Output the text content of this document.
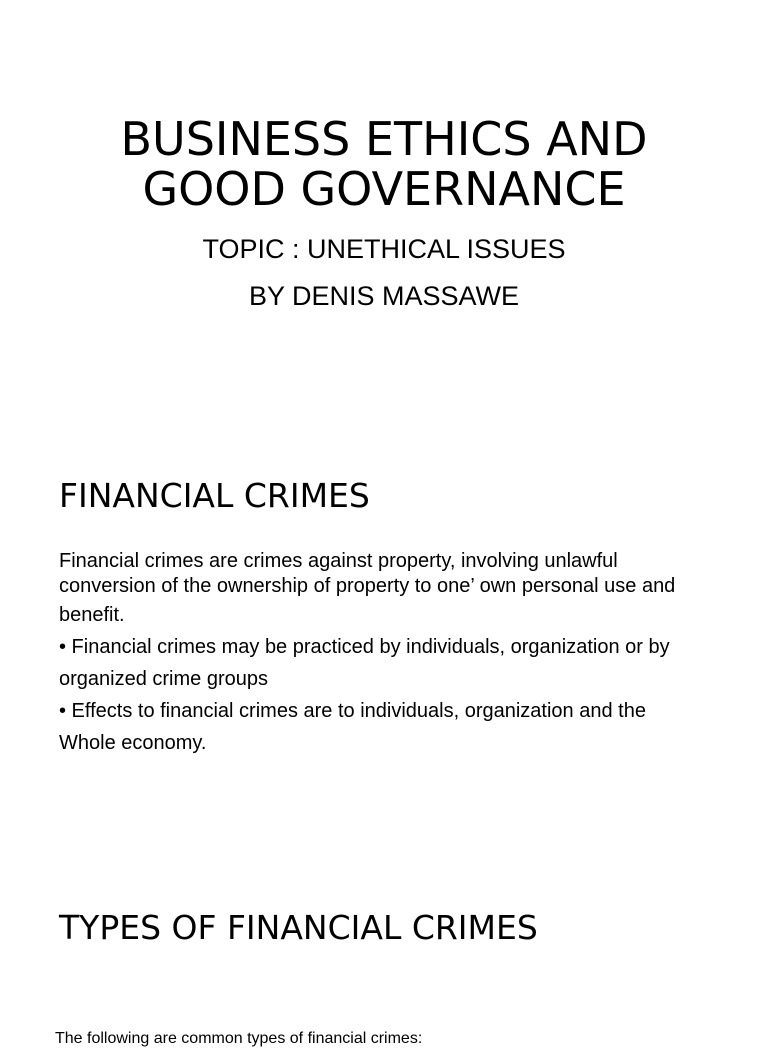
BUSINESS ETHICS AND
GOOD GOVERNANCE

TOPIC : UNETHICAL ISSUES

BY DENIS MASSAWE

FINANCIAL CRIMES

Financial crimes are crimes against property, involving unlawful
conversion of the ownership of property to one’ own personal use and
benefit.

• Financial crimes may be practiced by individuals, organization or by
organized crime groups

• Effects to financial crimes are to individuals, organization and the
Whole economy.

TYPES OF FINANCIAL CRIMES

The following are common types of financial crimes:
